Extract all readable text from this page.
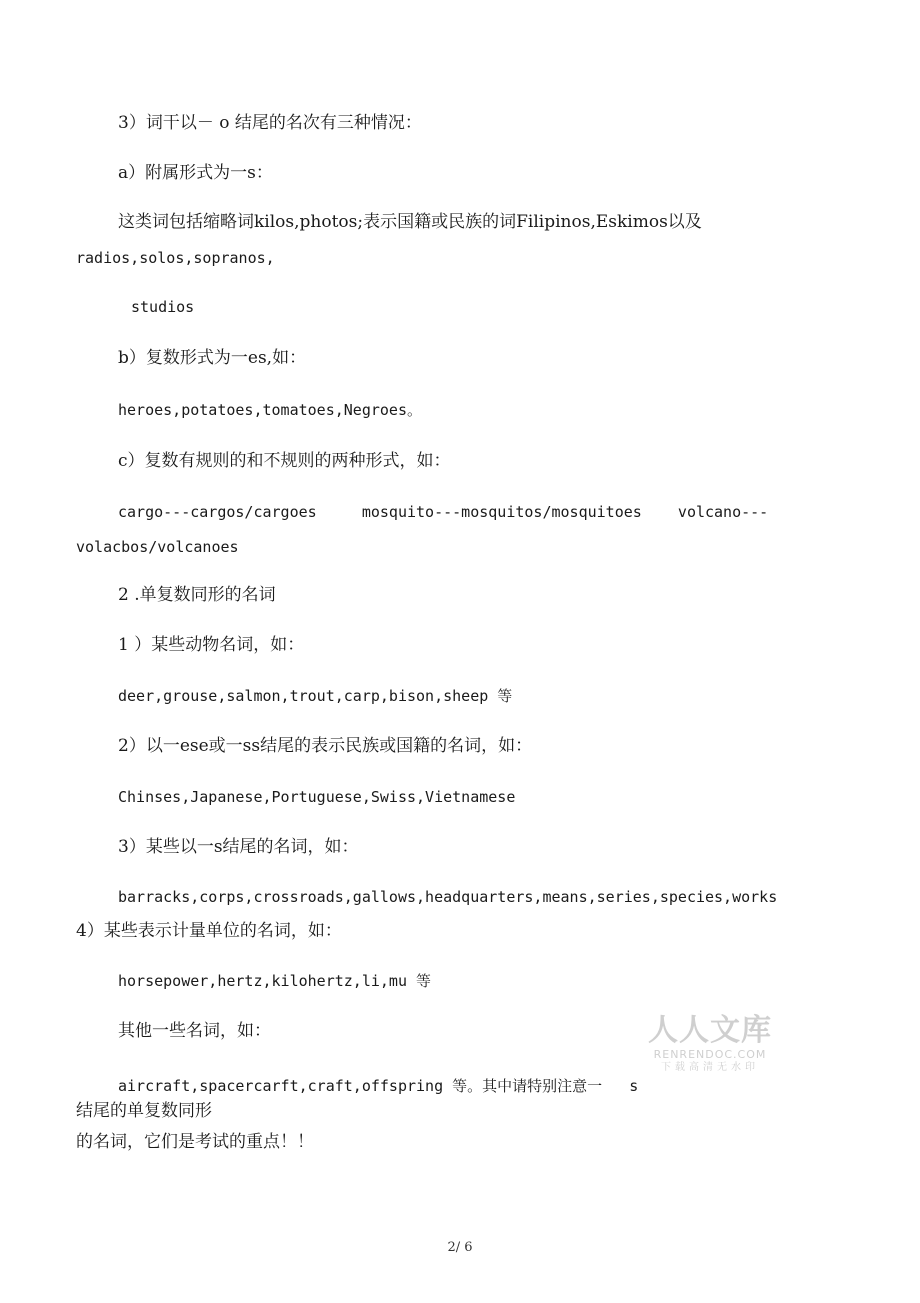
3）词干以－ o 结尾的名次有三种情况：
a）附属形式为一s：
这类词包括缩略词kilos,photos;表示国籍或民族的词Filipinos,Eskimos以及
radios,solos,sopranos,
studios
b）复数形式为一es,如：
heroes,potatoes,tomatoes,Negroes。
c）复数有规则的和不规则的两种形式，如：
cargo---cargos/cargoes     mosquito---mosquitos/mosquitoes    volcano---
volacbos/volcanoes
2 .单复数同形的名词
1 ）某些动物名词，如：
deer,grouse,salmon,trout,carp,bison,sheep 等
2）以一ese或一ss结尾的表示民族或国籍的名词，如：
Chinses,Japanese,Portuguese,Swiss,Vietnamese
3）某些以一s结尾的名词，如：
barracks,corps,crossroads,gallows,headquarters,means,series,species,works
4）某些表示计量单位的名词，如：
horsepower,hertz,kilohertz,li,mu 等
其他一些名词，如：
aircraft,spacercarft,craft,offspring 等。其中请特别注意一   s
结尾的单复数同形
的名词，它们是考试的重点！！
人人文库
RENRENDOC.COM
下载高清无水印
2/ 6
